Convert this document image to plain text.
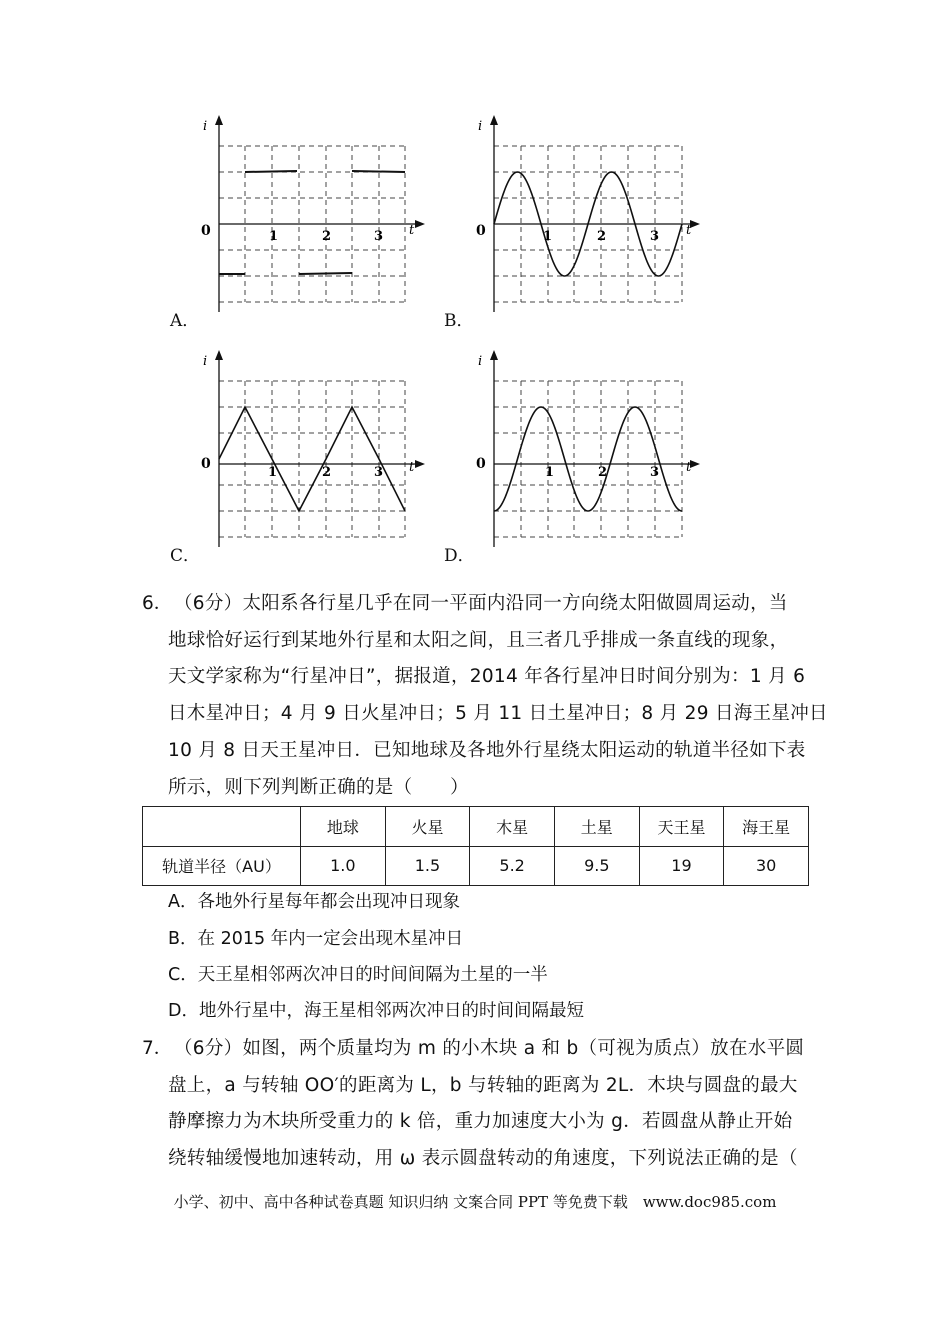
i
t
0	1	2	3
A．
i
t
0	1	2	3
B．
i
t
0
1	2	3
C．
i
t
0
1	2	3
D．
6． （6分）太阳系各行星几乎在同一平面内沿同一方向绕太阳做圆周运动，当
地球恰好运行到某地外行星和太阳之间，且三者几乎排成一条直线的现象，
天文学家称为“行星冲日”，据报道，2014 年各行星冲日时间分别为：1 月 6
日木星冲日；4 月 9 日火星冲日；5 月 11 日土星冲日；8 月 29 日海王星冲日
10 月 8 日天王星冲日．已知地球及各地外行星绕太阳运动的轨道半径如下表
所示，则下列判断正确的是（　　）
	地球	火星	木星	土星	天王星	海王星
轨道半径（AU）	1.0	1.5	5.2	9.5	19	30
A．各地外行星每年都会出现冲日现象
B．在 2015 年内一定会出现木星冲日
C．天王星相邻两次冲日的时间间隔为土星的一半
D．地外行星中，海王星相邻两次冲日的时间间隔最短
7． （6分）如图，两个质量均为 m 的小木块 a 和 b（可视为质点）放在水平圆
盘上，a 与转轴 OO′的距离为 L，b 与转轴的距离为 2L．木块与圆盘的最大
静摩擦力为木块所受重力的 k 倍，重力加速度大小为 g．若圆盘从静止开始
绕转轴缓慢地加速转动，用 ω 表示圆盘转动的角速度，下列说法正确的是（
小学、初中、高中各种试卷真题 知识归纳 文案合同 PPT 等免费下载　www.doc985.com
